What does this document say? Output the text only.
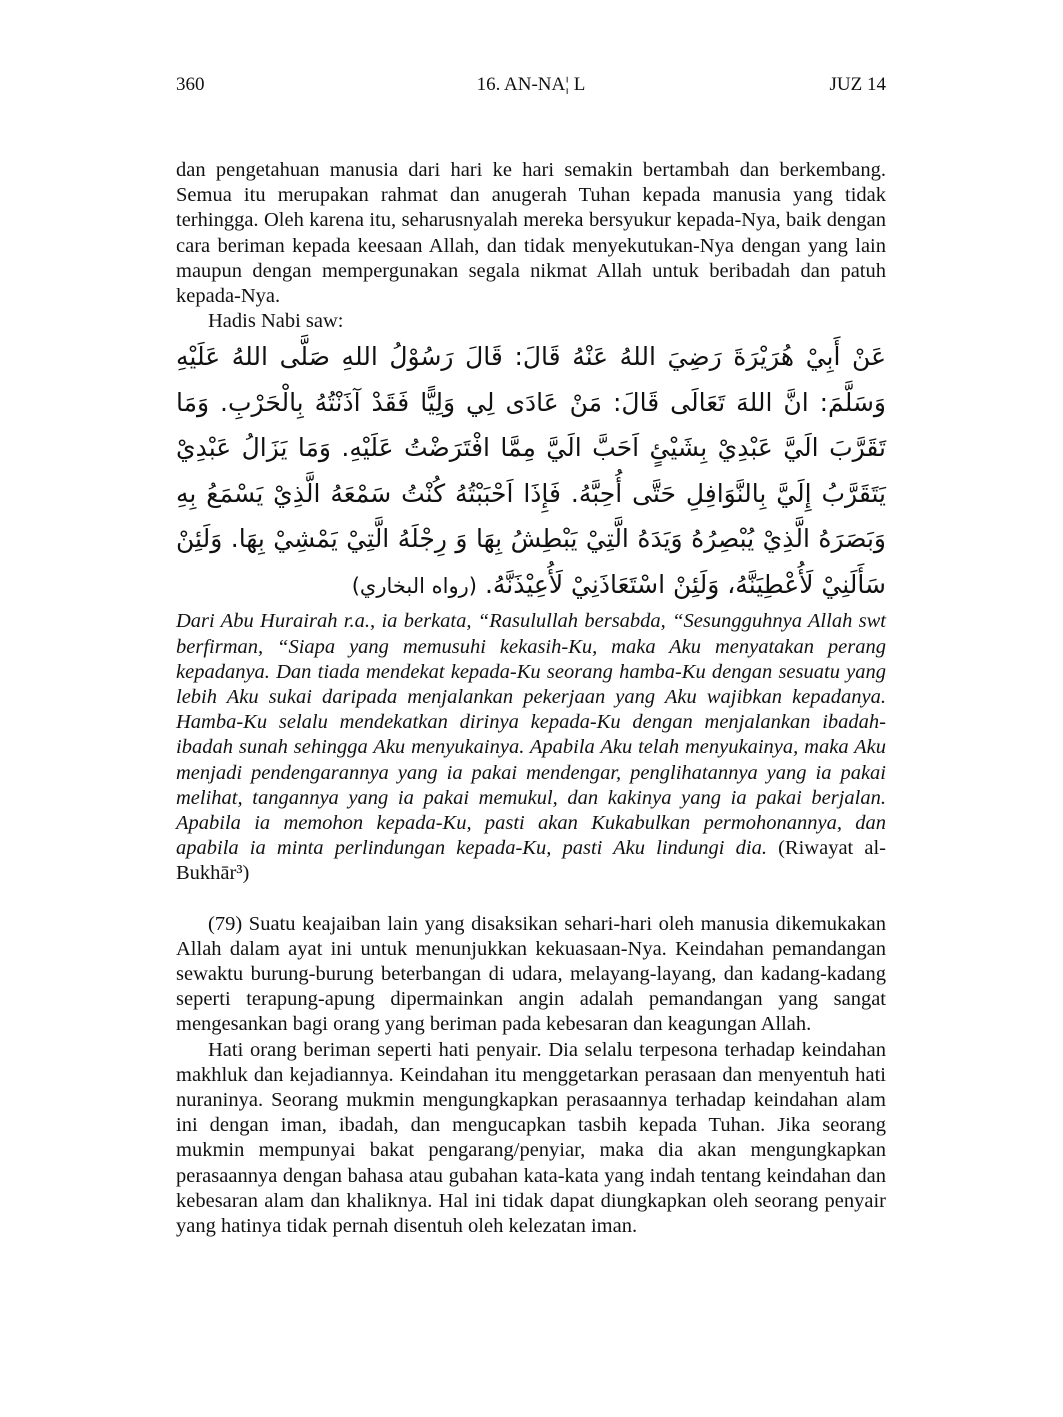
360	16. AN-NA¦ L	JUZ 14

dan pengetahuan manusia dari hari ke hari semakin bertambah dan berkembang. Semua itu merupakan rahmat dan anugerah Tuhan kepada manusia yang tidak terhingga. Oleh karena itu, seharusnyalah mereka bersyukur kepada-Nya, baik dengan cara beriman kepada keesaan Allah, dan tidak menyekutukan-Nya dengan yang lain maupun dengan mempergunakan segala nikmat Allah untuk beribadah dan patuh kepada-Nya.

Hadis Nabi saw:

عَنْ أَبِيْ هُرَيْرَةَ رَضِيَ اللهُ عَنْهُ قَالَ: قَالَ رَسُوْلُ اللهِ صَلَّى اللهُ عَلَيْهِ وَسَلَّمَ: انَّ اللهَ تَعَالَى قَالَ: مَنْ عَادَى لِي وَلِيًّا فَقَدْ آذَنْتُهُ بِالْحَرْبِ. وَمَا تَقَرَّبَ الَيَّ عَبْدِيْ بِشَيْئٍ اَحَبَّ الَيَّ مِمَّا افْتَرَضْتُ عَلَيْهِ. وَمَا يَزَالُ عَبْدِيْ يَتَقَرَّبُ إِلَيَّ بِالنَّوَافِلِ حَتَّى أُحِبَّهُ. فَإِذَا اَحْبَبْتُهُ كُنْتُ سَمْعَهُ الَّذِيْ يَسْمَعُ بِهِ وَبَصَرَهُ الَّذِيْ يُبْصِرُهُ وَيَدَهُ الَّتِيْ يَبْطِشُ بِهَا وَ رِجْلَهُ الَّتِيْ يَمْشِيْ بِهَا. وَلَئِنْ سَأَلَنِيْ لَأُعْطِيَنَّهُ، وَلَئِنْ اسْتَعَاذَنِيْ لَأُعِيْذَنَّهُ. (رواه البخاري)

Dari Abu Hurairah r.a., ia berkata, “Rasulullah bersabda, “Sesungguhnya Allah swt berfirman, “Siapa yang memusuhi kekasih-Ku, maka Aku menyatakan perang kepadanya. Dan tiada mendekat kepada-Ku seorang hamba-Ku dengan sesuatu yang lebih Aku sukai daripada menjalankan pekerjaan yang Aku wajibkan kepadanya. Hamba-Ku selalu mendekatkan dirinya kepada-Ku dengan menjalankan ibadah-ibadah sunah sehingga Aku menyukainya. Apabila Aku telah menyukainya, maka Aku menjadi pendengarannya yang ia pakai mendengar, penglihatannya yang ia pakai melihat, tangannya yang ia pakai memukul, dan kakinya yang ia pakai berjalan. Apabila ia memohon kepada-Ku, pasti akan Kukabulkan permohonannya, dan apabila ia minta perlindungan kepada-Ku, pasti Aku lindungi dia. (Riwayat al-Bukhār³)

(79) Suatu keajaiban lain yang disaksikan sehari-hari oleh manusia dikemukakan Allah dalam ayat ini untuk menunjukkan kekuasaan-Nya. Keindahan pemandangan sewaktu burung-burung beterbangan di udara, melayang-layang, dan kadang-kadang seperti terapung-apung dipermainkan angin adalah pemandangan yang sangat mengesankan bagi orang yang beriman pada kebesaran dan keagungan Allah.

Hati orang beriman seperti hati penyair. Dia selalu terpesona terhadap keindahan makhluk dan kejadiannya. Keindahan itu menggetarkan perasaan dan menyentuh hati nuraninya. Seorang mukmin mengungkapkan perasaannya terhadap keindahan alam ini dengan iman, ibadah, dan mengucapkan tasbih kepada Tuhan. Jika seorang mukmin mempunyai bakat pengarang/penyiar, maka dia akan mengungkapkan perasaannya dengan bahasa atau gubahan kata-kata yang indah tentang keindahan dan kebesaran alam dan khaliknya. Hal ini tidak dapat diungkapkan oleh seorang penyair yang hatinya tidak pernah disentuh oleh kelezatan iman.
